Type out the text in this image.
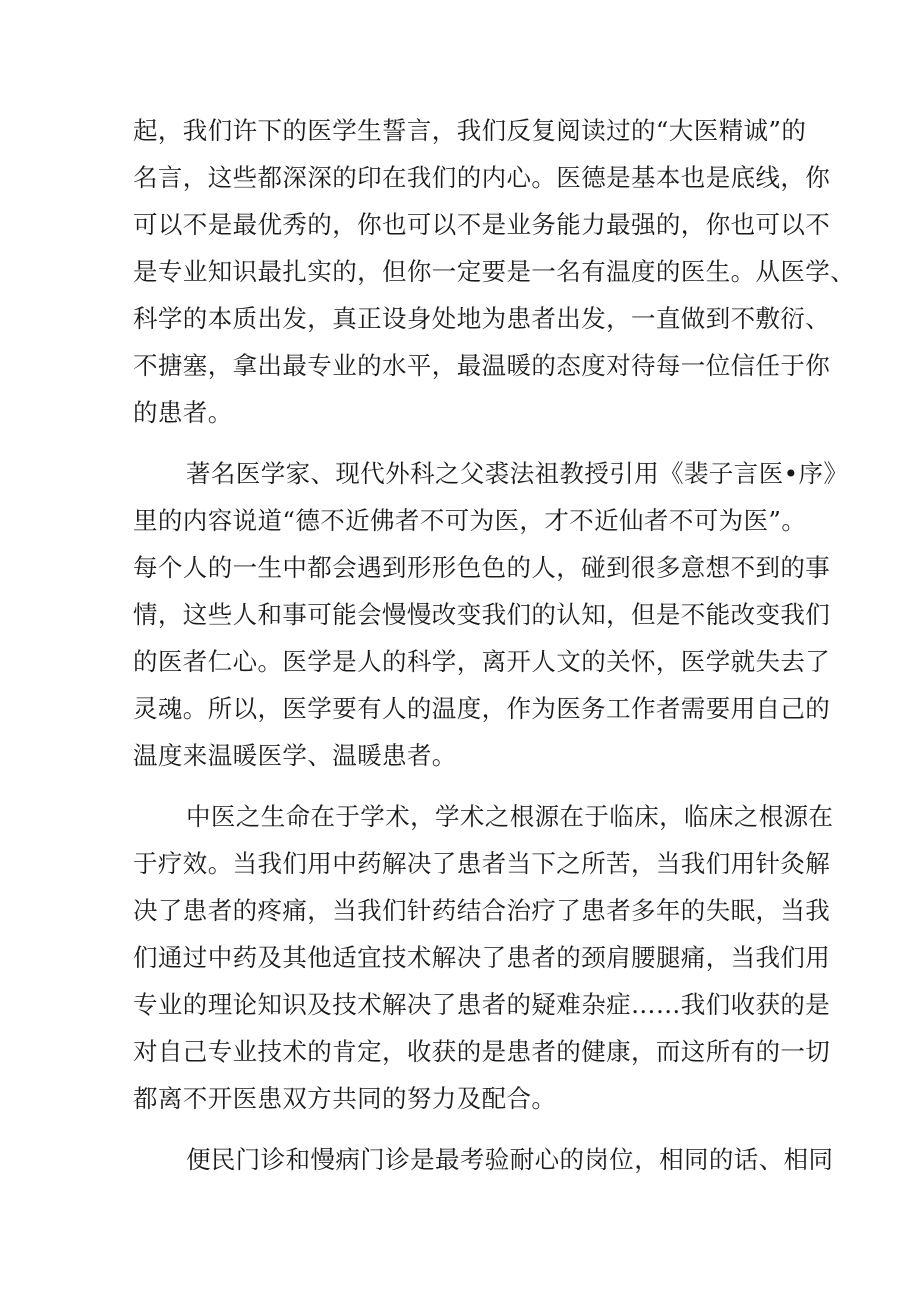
起，我们许下的医学生誓言，我们反复阅读过的“大医精诚”的
名言，这些都深深的印在我们的内心。医德是基本也是底线，你
可以不是最优秀的，你也可以不是业务能力最强的，你也可以不
是专业知识最扎实的，但你一定要是一名有温度的医生。从医学、
科学的本质出发，真正设身处地为患者出发，一直做到不敷衍、
不搪塞，拿出最专业的水平，最温暖的态度对待每一位信任于你
的患者。

著名医学家、现代外科之父裘法祖教授引用《裴子言医•序》
里的内容说道“德不近佛者不可为医，才不近仙者不可为医”。
每个人的一生中都会遇到形形色色的人，碰到很多意想不到的事
情，这些人和事可能会慢慢改变我们的认知，但是不能改变我们
的医者仁心。医学是人的科学，离开人文的关怀，医学就失去了
灵魂。所以，医学要有人的温度，作为医务工作者需要用自己的
温度来温暖医学、温暖患者。

中医之生命在于学术，学术之根源在于临床，临床之根源在
于疗效。当我们用中药解决了患者当下之所苦，当我们用针灸解
决了患者的疼痛，当我们针药结合治疗了患者多年的失眠，当我
们通过中药及其他适宜技术解决了患者的颈肩腰腿痛，当我们用
专业的理论知识及技术解决了患者的疑难杂症……我们收获的是
对自己专业技术的肯定，收获的是患者的健康，而这所有的一切
都离不开医患双方共同的努力及配合。

便民门诊和慢病门诊是最考验耐心的岗位，相同的话、相同
